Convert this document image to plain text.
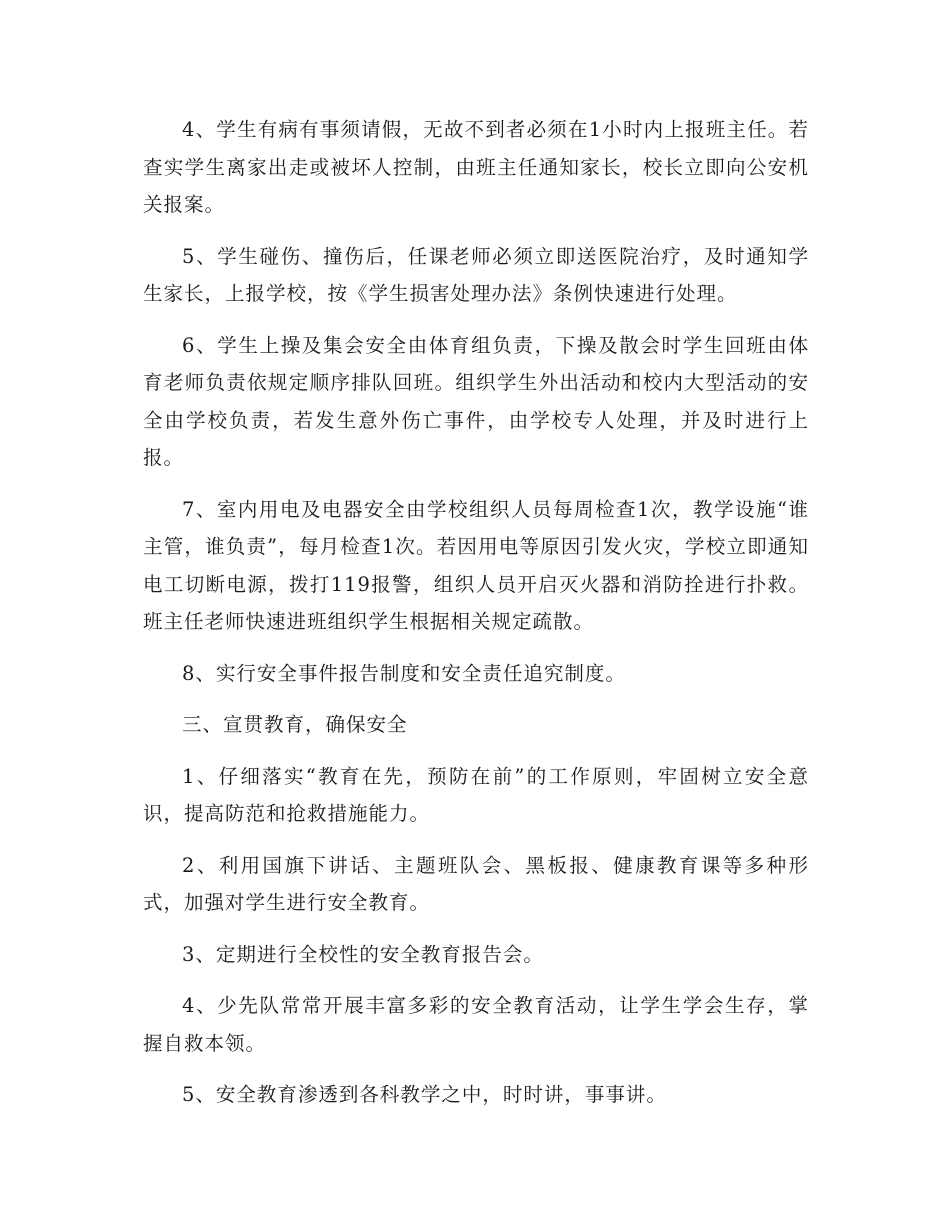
4、学生有病有事须请假，无故不到者必须在1小时内上报班主任。若查实学生离家出走或被坏人控制，由班主任通知家长，校长立即向公安机关报案。

5、学生碰伤、撞伤后，任课老师必须立即送医院治疗，及时通知学生家长，上报学校，按《学生损害处理办法》条例快速进行处理。

6、学生上操及集会安全由体育组负责，下操及散会时学生回班由体育老师负责依规定顺序排队回班。组织学生外出活动和校内大型活动的安全由学校负责，若发生意外伤亡事件，由学校专人处理，并及时进行上报。

7、室内用电及电器安全由学校组织人员每周检查1次，教学设施“谁主管，谁负责”，每月检查1次。若因用电等原因引发火灾，学校立即通知电工切断电源，拨打119报警，组织人员开启灭火器和消防拴进行扑救。班主任老师快速进班组织学生根据相关规定疏散。

8、实行安全事件报告制度和安全责任追究制度。

三、宣贯教育，确保安全

1、仔细落实“教育在先，预防在前”的工作原则，牢固树立安全意识，提高防范和抢救措施能力。

2、利用国旗下讲话、主题班队会、黑板报、健康教育课等多种形式，加强对学生进行安全教育。

3、定期进行全校性的安全教育报告会。

4、少先队常常开展丰富多彩的安全教育活动，让学生学会生存，掌握自救本领。

5、安全教育渗透到各科教学之中，时时讲，事事讲。
